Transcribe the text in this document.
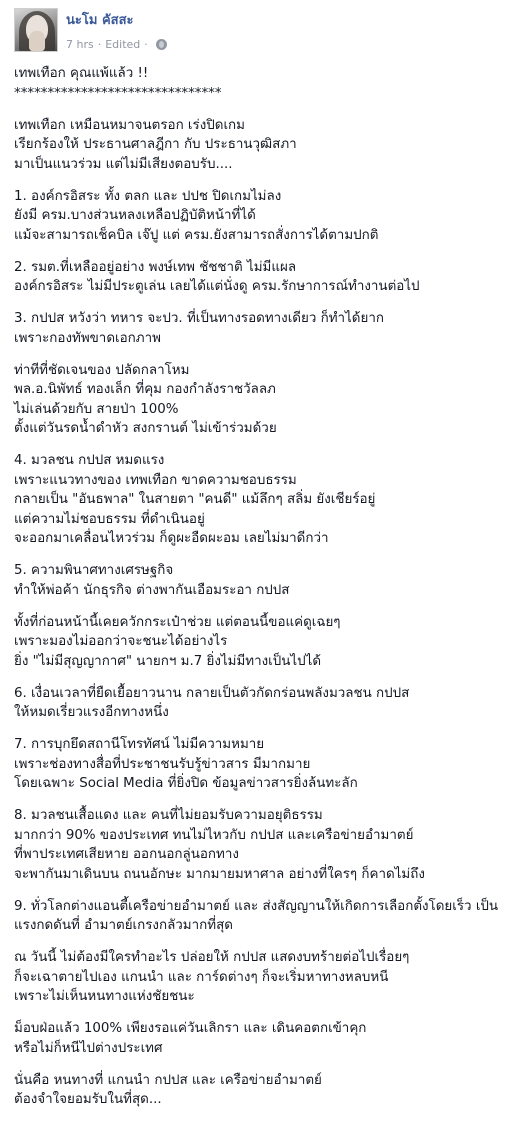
นะโม คัสสะ
7 hrs · Edited ·
เทพเทือก คุณแพ้แล้ว !!
*******************************
เทพเทือก เหมือนหมาจนตรอก เร่งปิดเกม
เรียกร้องให้ ประธานศาลฎีกา กับ ประธานวุฒิสภา
มาเป็นแนวร่วม แต่ไม่มีเสียงตอบรับ....
1. องค์กรอิสระ ทั้ง ตลก และ ปปช ปิดเกมไม่ลง
ยังมี ครม.บางส่วนหลงเหลือปฏิบัติหน้าที่ได้
แม้จะสามารถเช็คบิล เจ๊ปู แต่ ครม.ยังสามารถสั่งการได้ตามปกติ
2. รมต.ที่เหลืออยู่อย่าง พงษ์เทพ ชัชชาติ ไม่มีแผล
องค์กรอิสระ ไม่มีประตูเล่น เลยได้แต่นั่งดู ครม.รักษาการณ์ทำงานต่อไป
3. กปปส หวังว่า ทหาร จะปว. ที่เป็นทางรอดทางเดียว ก็ทำได้ยาก
เพราะกองทัพขาดเอกภาพ
ท่าทีที่ชัดเจนของ ปลัดกลาโหม
พล.อ.นิพัทธ์ ทองเล็ก ที่คุม กองกำลังราชวัลลภ
ไม่เล่นด้วยกับ สายป่า 100%
ตั้งแต่วันรดน้ำดำหัว สงกรานต์ ไม่เข้าร่วมด้วย
4. มวลชน กปปส หมดแรง
เพราะแนวทางของ เทพเทือก ขาดความชอบธรรม
กลายเป็น "อันธพาล" ในสายตา "คนดี" แม้ลึกๆ สลิ่ม ยังเชียร์อยู่
แต่ความไม่ชอบธรรม ที่ดำเนินอยู่
จะออกมาเคลื่อนไหวร่วม ก็ดูผะอืดผะอม เลยไม่มาดีกว่า
5. ความพินาศทางเศรษฐกิจ
ทำให้พ่อค้า นักธุรกิจ ต่างพากันเอือมระอา กปปส
ทั้งที่ก่อนหน้านี้เคยควักกระเป๋าช่วย แต่ตอนนี้ขอแค่ดูเฉยๆ
เพราะมองไม่ออกว่าจะชนะได้อย่างไร
ยิ่ง "ไม่มีสุญญากาศ" นายกฯ ม.7 ยิ่งไม่มีทางเป็นไปได้
6. เงื่อนเวลาที่ยืดเยื้อยาวนาน กลายเป็นตัวกัดกร่อนพลังมวลชน กปปส
ให้หมดเรี่ยวแรงอีกทางหนึ่ง
7. การบุกยึดสถานีโทรทัศน์ ไม่มีความหมาย
เพราะช่องทางสื่อที่ประชาชนรับรู้ข่าวสาร มีมากมาย
โดยเฉพาะ Social Media ที่ยิ่งปิด ข้อมูลข่าวสารยิ่งล้นทะลัก
8. มวลชนเสื้อแดง และ คนที่ไม่ยอมรับความอยุติธรรม
มากกว่า 90% ของประเทศ ทนไม่ไหวกับ กปปส และเครือข่ายอำมาตย์
ที่พาประเทศเสียหาย ออกนอกลู่นอกทาง
จะพากันมาเดินบน ถนนอักษะ มากมายมหาศาล อย่างที่ใครๆ ก็คาดไม่ถึง
9. ทั่วโลกต่างแอนตี้เครือข่ายอำมาตย์ และ ส่งสัญญานให้เกิดการเลือกตั้งโดยเร็ว เป็น
แรงกดดันที่ อำมาตย์เกรงกลัวมากที่สุด
ณ วันนี้ ไม่ต้องมีใครทำอะไร ปล่อยให้ กปปส แสดงบทร้ายต่อไปเรื่อยๆ
ก็จะเฉาตายไปเอง แกนนำ และ การ์ดต่างๆ ก็จะเริ่มหาทางหลบหนี
เพราะไม่เห็นหนทางแห่งชัยชนะ
ม็อบฝ่อแล้ว 100% เพียงรอแค่วันเลิกรา และ เดินคอตกเข้าคุก
หรือไม่ก็หนีไปต่างประเทศ
นั่นคือ หนทางที่ แกนนำ กปปส และ เครือข่ายอำมาตย์
ต้องจำใจยอมรับในที่สุด...
